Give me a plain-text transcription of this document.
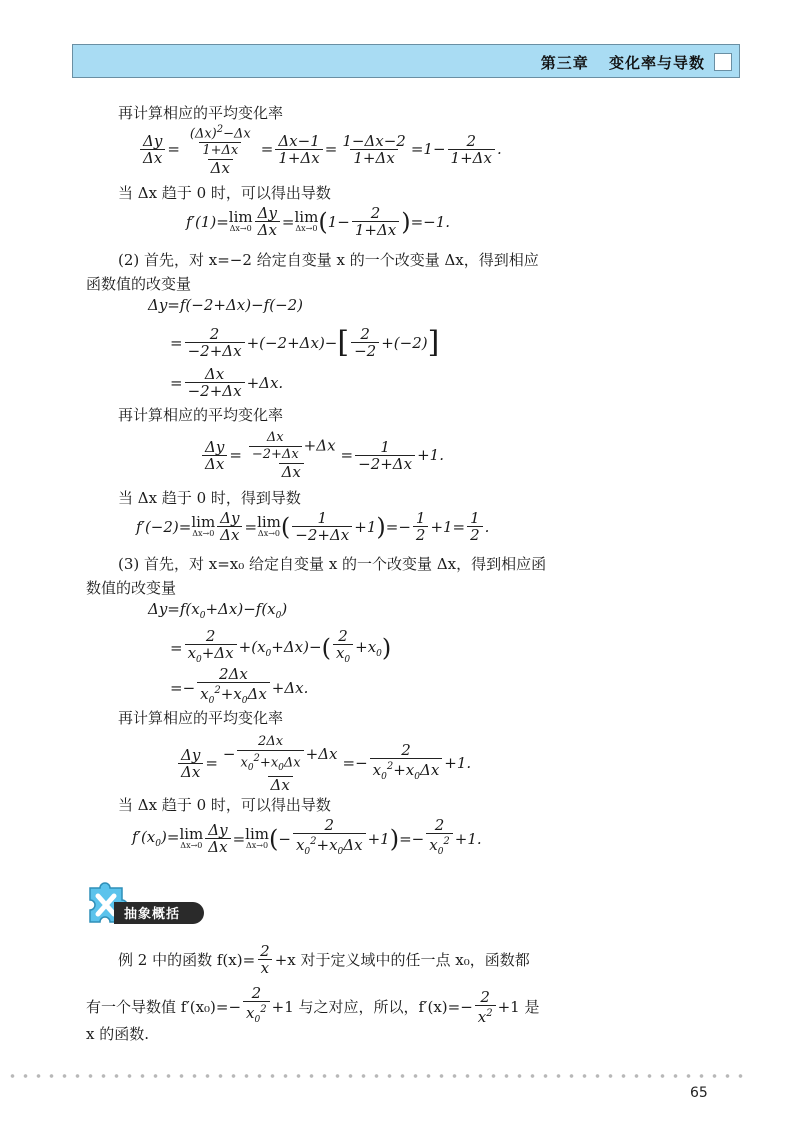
第三章 变化率与导数
再计算相应的平均变化率
$\frac{\Delta y}{\Delta x} = \frac{\frac{(\Delta x)^2-\Delta x}{1+\Delta x}}{\Delta x} = \frac{\Delta x-1}{1+\Delta x} = \frac{1-\Delta x-2}{1+\Delta x} =1- \frac{2}{1+\Delta x}$ .
当 Δx 趋于 0 时，可以得出导数
f′(1)= lim
$\Delta x\to 0 \frac{\Delta y}{\Delta x} = \lim$
Δx→0 ( $1- \frac{2}{1+\Delta x}$ ) =−1.
(2) 首先，对 x=−2 给定自变量 x 的一个改变量 Δx，得到相应
函数值的改变量
Δy=f(−2+Δx)−f(−2)
= $\frac{2}{-2+\Delta x} +(-2+\Delta x)-$ [ $\frac{2}{-2} +(-2)$ ]
= $\frac{\Delta x}{-2+\Delta x} +\Delta x$.
再计算相应的平均变化率
$\frac{\Delta y}{\Delta x} = \frac{\frac{\Delta x}{-2+\Delta x} +\Delta x}{\Delta x} = \frac{1}{-2+\Delta x} +1$.
当 Δx 趋于 0 时，得到导数
f′(−2)= lim
$\Delta x\to 0 \frac{\Delta y}{\Delta x} = \lim$
Δx→0 ( $\frac{1}{-2+\Delta x} +1$ ) =− $\frac{1}{2} +1= \frac{1}{2}$ .
(3) 首先，对 x=x₀ 给定自变量 x 的一个改变量 Δx，得到相应函
数值的改变量
$\Delta y=f(x_0+\Delta x)-f(x_0)$
= $\frac{2}{x_0+\Delta x} +(x_0+\Delta x)-$ ( $\frac{2}{x_0} +x_0$ )
=− $\frac{2\Delta x}{x_0^2+x_0\Delta x} +\Delta x$.
再计算相应的平均变化率
$\frac{\Delta y}{\Delta x} = \frac{- \frac{2\Delta x}{x_0^2+x_0\Delta x} +\Delta x}{\Delta x} =- \frac{2}{x_0^2+x_0\Delta x} +1$.
当 Δx 趋于 0 时，可以得出导数
$f'(x_0)= \lim$
$\Delta x\to 0 \frac{\Delta y}{\Delta x} = \lim$
Δx→0 ( − $\frac{2}{x_0^2+x_0\Delta x} +1$ ) =− $\frac{2}{x_0^2} +1$.
抽象概括
例 2 中的函数 $f(x)= \frac{2}{x} +x$ 对于定义域中的任一点 x₀，函数都
有一个导数值 $f'(x_0)=- \frac{2}{x_0^2} +1$ 与之对应，所以，$f'(x)=- \frac{2}{x^2} +1$ 是
x 的函数.
65
